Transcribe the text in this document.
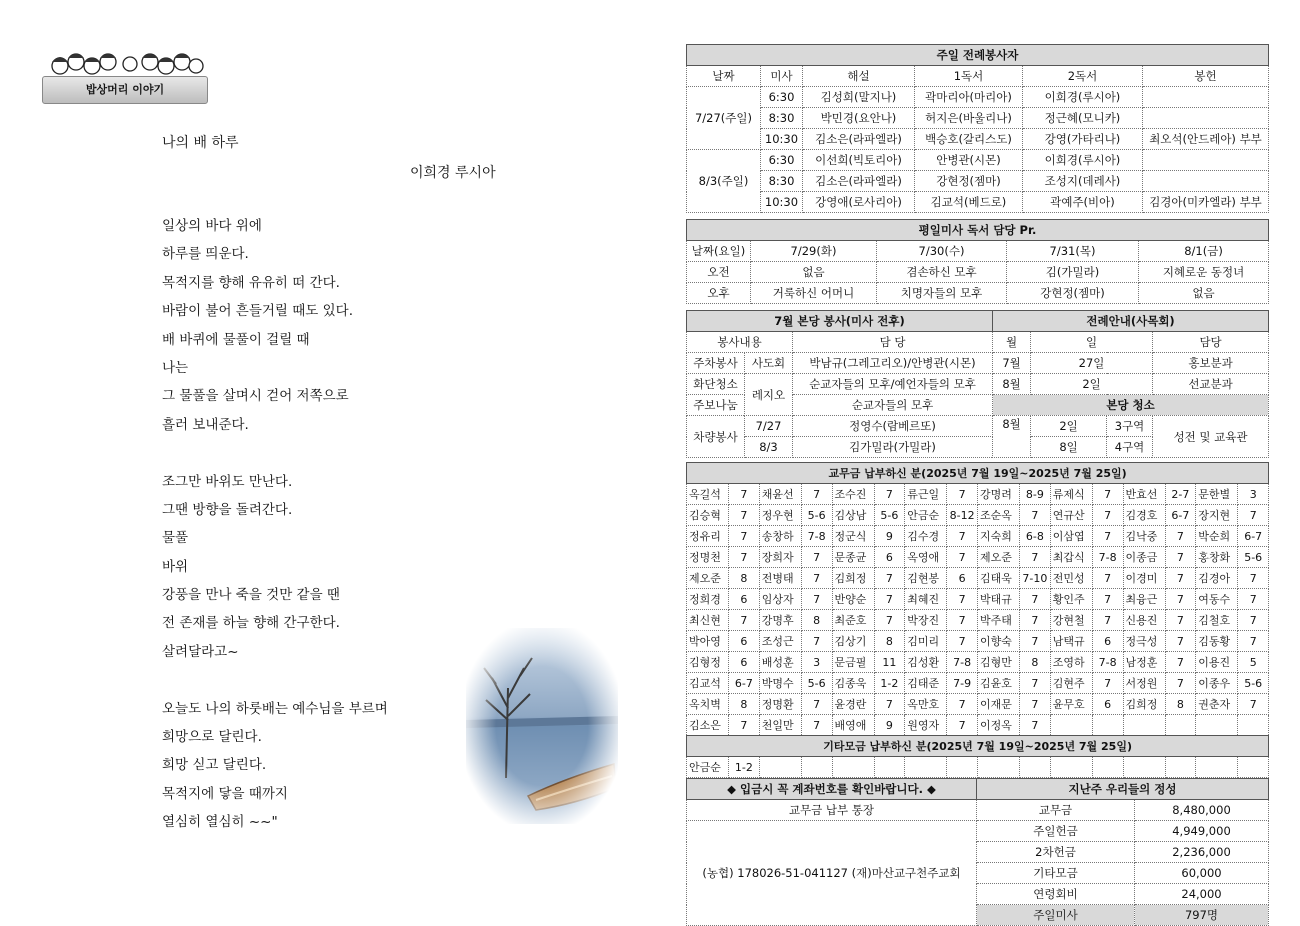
밥상머리 이야기
나의 배 하루
이희경 루시아
일상의 바다 위에
하루를 띄운다.
목적지를 향해 유유히 떠 간다.
바람이 불어 흔들거릴 때도 있다.
배 바퀴에 물풀이 걸릴 때
나는
그 물풀을 살며시 걷어 저쪽으로
흘러 보내준다.
조그만 바위도 만난다.
그땐 방향을 돌려간다.
물풀
바위
강풍을 만나 죽을 것만 같을 땐
전 존재를 하늘 향해 간구한다.
살려달라고~
오늘도 나의 하룻배는 예수님을 부르며
희망으로 달린다.
희망 싣고 달린다.
목적지에 닿을 때까지
열심히 열심히 ~~"
주일 전례봉사자					
날짜	미사	해설	1독서	2독서	봉헌
7/27(주일)	6:30	김성희(말지나)	곽마리아(마리아)	이희경(루시아)	
	8:30	박민경(요안나)	허지은(바울리나)	정근혜(모니카)	
	10:30	김소은(라파엘라)	백승호(갈리스도)	강영(가타리나)	최오석(안드레아) 부부
8/3(주일)	6:30	이선희(빅토리아)	안병관(시몬)	이희경(루시아)	
	8:30	김소은(라파엘라)	강현정(젬마)	조성지(데레사)	
	10:30	강영애(로사리아)	김교석(베드로)	곽예주(비아)	김경아(미카엘라) 부부
평일미사 독서 담당 Pr.				
날짜(요일)	7/29(화)	7/30(수)	7/31(목)	8/1(금)
오전	없음	겸손하신 모후	김(가밀라)	지혜로운 동정녀
오후	거룩하신 어머니	치명자들의 모후	강현정(젬마)	없음
7월 본당 봉사(미사 전후)			전례안내(사목회)			
봉사내용		담 당	월	일		담당
주차봉사	사도회	박남규(그레고리오)/안병관(시몬)	7월	27일		홍보분과
화단청소	레지오	순교자들의 모후/예언자들의 모후	8월	2일		선교분과
주보나눔		순교자들의 모후	본당 청소			
차량봉사	7/27	정영수(람베르또)	8월	2일	3구역	성전 및 교육관
	8/3	김가밀라(가밀라)		8일	4구역	
교무금 납부하신 분(2025년 7월 19일~2025년 7월 25일)															
옥길석	7	채윤선	7	조수진	7	류근일	7	강명려	8-9	류제식	7	반효선	2-7	문한별	3
김승혁	7	정우현	5-6	김상남	5-6	안금순	8-12	조순옥	7	연규산	7	김경호	6-7	장지현	7
정유리	7	송창하	7-8	정군식	9	김수경	7	지숙희	6-8	이삼엽	7	김낙중	7	박순희	6-7
정명천	7	장희자	7	문종균	6	옥영애	7	제오준	7	최갑식	7-8	이종금	7	홍창화	5-6
제오준	8	전병태	7	김희정	7	김현봉	6	김태욱	7-10	전민성	7	이경미	7	김경아	7
정희경	6	임상자	7	반양순	7	최혜진	7	박태규	7	황인주	7	최융근	7	여동수	7
최신현	7	강명후	8	최준호	7	박장진	7	박주태	7	강현철	7	신용진	7	김철호	7
박아영	6	조성근	7	김상기	8	김미리	7	이향숙	7	남택규	6	정극성	7	김동황	7
김형정	6	배성훈	3	문금필	11	김성환	7-8	김형만	8	조영하	7-8	남정훈	7	이용진	5
김교석	6-7	박명수	5-6	김종욱	1-2	김태준	7-9	김윤호	7	김현주	7	서정원	7	이종우	5-6
옥치벽	8	정명환	7	윤경란	7	옥만호	7	이재문	7	윤무호	6	김희정	8	권춘자	7
김소은	7	천일만	7	배영애	9	원영자	7	이정옥	7						
기타모금 납부하신 분(2025년 7월 19일~2025년 7월 25일)															
안금순	1-2														
◆ 입금시 꼭 계좌번호를 확인바랍니다. ◆	지난주 우리들의 정성	
교무금 납부 통장	교무금	8,480,000
(농협) 178026-51-041127 (재)마산교구천주교회	주일헌금	4,949,000
	2차헌금	2,236,000
	기타모금	60,000
	연령회비	24,000
	주일미사	797명
